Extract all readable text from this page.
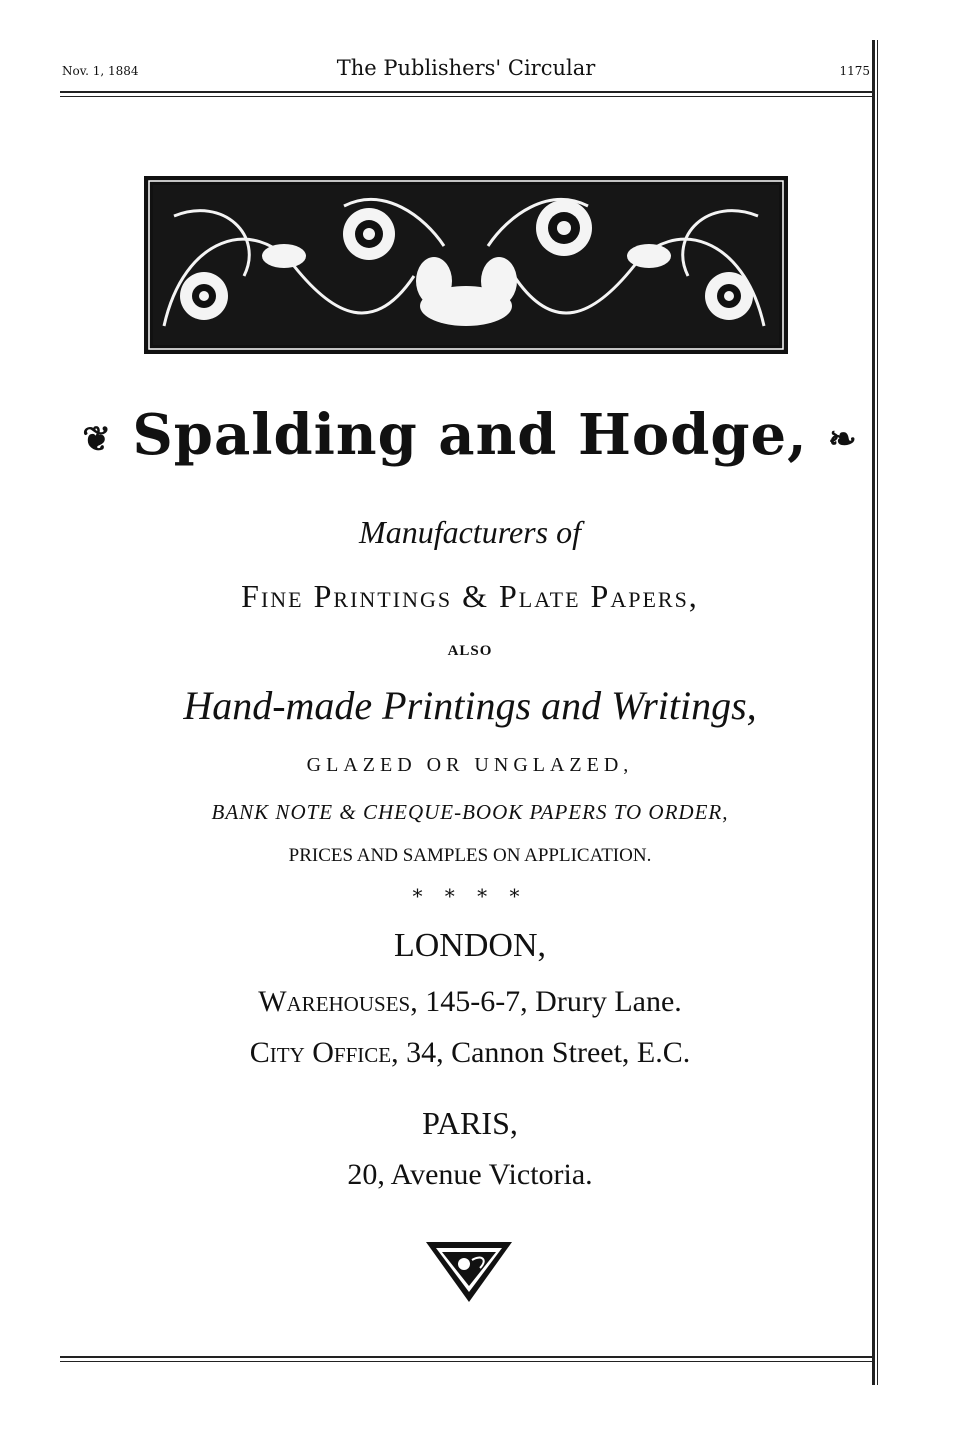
Nov. 1, 1884	The Publishers' Circular	1175
❦ Spalding and Hodge, ❧
Manufacturers of
Fine Printings & Plate Papers,
ALSO
Hand-made Printings and Writings,
GLAZED OR UNGLAZED,
BANK NOTE & CHEQUE-BOOK PAPERS TO ORDER,
PRICES AND SAMPLES ON APPLICATION.
* * * *
LONDON,
Warehouses, 145-6-7, Drury Lane.
City Office, 34, Cannon Street, E.C.
PARIS,
20, Avenue Victoria.
